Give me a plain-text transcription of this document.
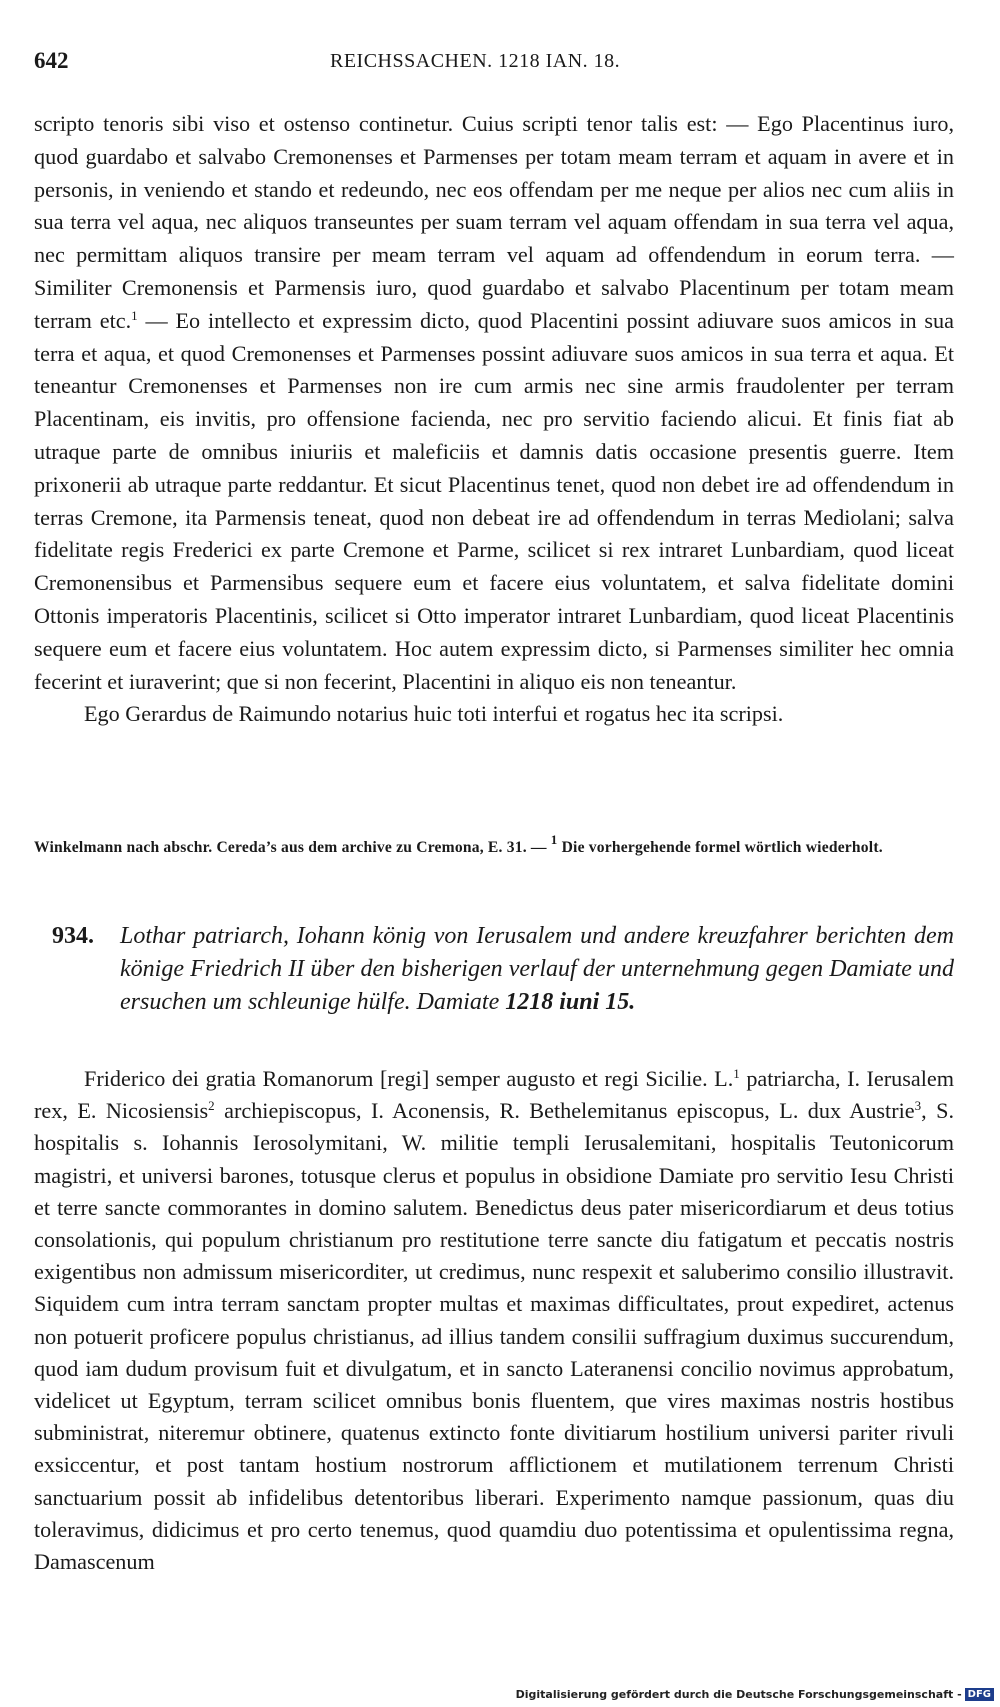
642	REICHSSACHEN. 1218 IAN. 18.

scripto tenoris sibi viso et ostenso continetur. Cuius scripti tenor talis est: — Ego Placentinus iuro, quod guardabo et salvabo Cremonenses et Parmenses per totam meam terram et aquam in avere et in personis, in veniendo et stando et redeundo, nec eos offendam per me neque per alios nec cum aliis in sua terra vel aqua, nec aliquos transeuntes per suam terram vel aquam offendam in sua terra vel aqua, nec permittam aliquos transire per meam terram vel aquam ad offendendum in eorum terra. — Similiter Cremonensis et Parmensis iuro, quod guardabo et salvabo Placentinum per totam meam terram etc.$^1$ — Eo intellecto et expressim dicto, quod Placentini possint adiuvare suos amicos in sua terra et aqua, et quod Cremonenses et Parmenses possint adiuvare suos amicos in sua terra et aqua. Et teneantur Cremonenses et Parmenses non ire cum armis nec sine armis fraudolenter per terram Placentinam, eis invitis, pro offensione facienda, nec pro servitio faciendo alicui. Et finis fiat ab utraque parte de omnibus iniuriis et maleficiis et damnis datis occasione presentis guerre. Item prixonerii ab utraque parte reddantur. Et sicut Placentinus tenet, quod non debet ire ad offendendum in terras Cremone, ita Parmensis teneat, quod non debeat ire ad offendendum in terras Mediolani; salva fidelitate regis Frederici ex parte Cremone et Parme, scilicet si rex intraret Lunbardiam, quod liceat Cremonensibus et Parmensibus sequere eum et facere eius voluntatem, et salva fidelitate domini Ottonis imperatoris Placentinis, scilicet si Otto imperator intraret Lunbardiam, quod liceat Placentinis sequere eum et facere eius voluntatem. Hoc autem expressim dicto, si Parmenses similiter hec omnia fecerint et iuraverint; que si non fecerint, Placentini in aliquo eis non teneantur.

Ego Gerardus de Raimundo notarius huic toti interfui et rogatus hec ita scripsi.

Winkelmann nach abschr. Cereda’s aus dem archive zu Cremona, E. 31. — $^1$ Die vorhergehende formel wörtlich wiederholt.
934. Lothar patriarch, Iohann könig von Ierusalem und andere kreuzfahrer berichten dem könige Friedrich II über den bisherigen verlauf der unternehmung gegen Damiate und ersuchen um schleunige hülfe. Damiate 1218 iuni 15.

Friderico dei gratia Romanorum [regi] semper augusto et regi Sicilie. L.$^1$ patriarcha, I. Ierusalem rex, E. Nicosiensis$^2$ archiepiscopus, I. Aconensis, R. Bethelemitanus episcopus, L. dux Austrie$^3$, S. hospitalis s. Iohannis Ierosolymitani, W. militie templi Ierusalemitani, hospitalis Teutonicorum magistri, et universi barones, totusque clerus et populus in obsidione Damiate pro servitio Iesu Christi et terre sancte commorantes in domino salutem. Benedictus deus pater misericordiarum et deus totius consolationis, qui populum christianum pro restitutione terre sancte diu fatigatum et peccatis nostris exigentibus non admissum misericorditer, ut credimus, nunc respexit et saluberimo consilio illustravit. Siquidem cum intra terram sanctam propter multas et maximas difficultates, prout expediret, actenus non potuerit proficere populus christianus, ad illius tandem consilii suffragium duximus succurendum, quod iam dudum provisum fuit et divulgatum, et in sancto Lateranensi concilio novimus approbatum, videlicet ut Egyptum, terram scilicet omnibus bonis fluentem, que vires maximas nostris hostibus subministrat, niteremur obtinere, quatenus extincto fonte divitiarum hostilium universi pariter rivuli exsiccentur, et post tantam hostium nostrorum afflictionem et mutilationem terrenum Christi sanctuarium possit ab infidelibus detentoribus liberari. Experimento namque passionum, quas diu toleravimus, didicimus et pro certo tenemus, quod quamdiu duo potentissima et opulentissima regna, Damascenum

Digitalisierung gefördert durch die Deutsche Forschungsgemeinschaft - DFG
